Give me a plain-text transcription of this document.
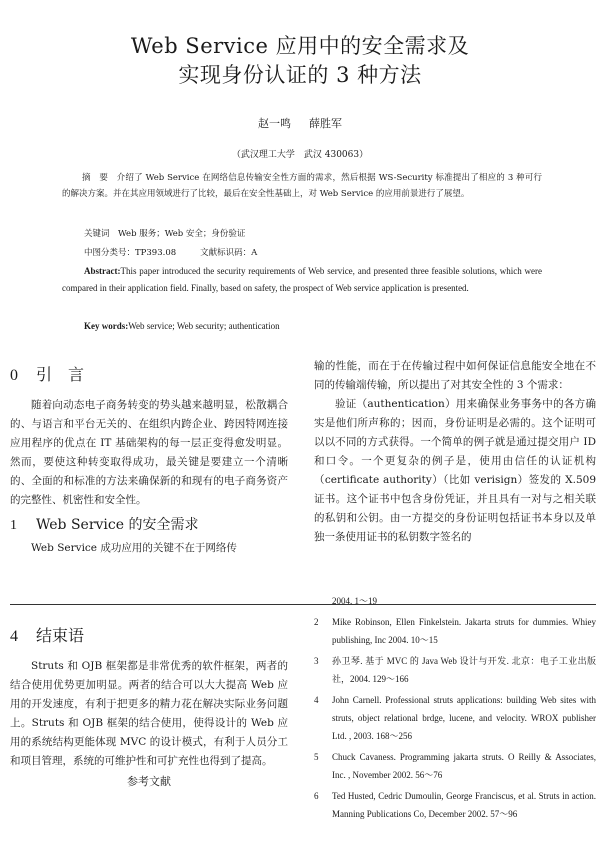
Web Service 应用中的安全需求及
实现身份认证的 3 种方法
赵一鸣 薛胜军
（武汉理工大学　武汉 430063）
摘　要　介绍了 Web Service 在网络信息传输安全性方面的需求，然后根据 WS-Security 标准提出了相应的 3 种可行的解决方案。并在其应用领域进行了比较，最后在安全性基础上，对 Web Service 的应用前景进行了展望。
关键词　Web 服务；Web 安全；身份验证
中图分类号：TP393.08	文献标识码：A
Abstract:This paper introduced the security requirements of Web service, and presented three feasible solutions, which were compared in their application field. Finally, based on safety, the prospect of Web service application is presented.
Key words:Web service; Web security; authentication
0 引　言
随着向动态电子商务转变的势头越来越明显，松散耦合的、与语言和平台无关的、在组织内跨企业、跨因特网连接应用程序的优点在 IT 基础架构的每一层正变得愈发明显。然而，要使这种转变取得成功，最关键是要建立一个清晰的、全面的和标准的方法来确保新的和现有的电子商务资产的完整性、机密性和安全性。
1 Web Service 的安全需求
Web Service 成功应用的关键不在于网络传
输的性能，而在于在传输过程中如何保证信息能安全地在不同的传输端传输，所以提出了对其安全性的 3 个需求：
验证（authentication）用来确保业务事务中的各方确实是他们所声称的；因而，身份证明是必需的。这个证明可以以不同的方式获得。一个简单的例子就是通过提交用户 ID 和口令。一个更复杂的例子是，使用由信任的认证机构（certificate authority）（比如 verisign）签发的 X.509 证书。这个证书中包含身份凭证，并且具有一对与之相关联的私钥和公钥。由一方提交的身份证明包括证书本身以及单独一条使用证书的私钥数字签名的
4 结束语
Struts 和 OJB 框架都是非常优秀的软件框架，两者的结合使用优势更加明显。两者的结合可以大大提高 Web 应用的开发速度，有利于把更多的精力花在解决实际业务问题上。Struts 和 OJB 框架的结合使用，使得设计的 Web 应用的系统结构更能体现 MVC 的设计模式，有利于人员分工和项目管理，系统的可维护性和可扩充性也得到了提高。
参考文献
2004. 1～19
2 Mike Robinson, Ellen Finkelstein. Jakarta struts for dummies. Whiey publishing, Inc 2004. 10～15
3 孙卫琴. 基于 MVC 的 Java Web 设计与开发. 北京：电子工业出版社，2004. 129～166
4 John Carnell. Professional struts applications: building Web sites with struts, object relational brdge, lucene, and velocity. WROX publisher Ltd. , 2003. 168～256
5 Chuck Cavaness. Programming jakarta struts. O Reilly & Associates, Inc. , November 2002. 56～76
6 Ted Husted, Cedric Dumoulin, George Franciscus, et al. Struts in action. Manning Publications Co, December 2002. 57～96
